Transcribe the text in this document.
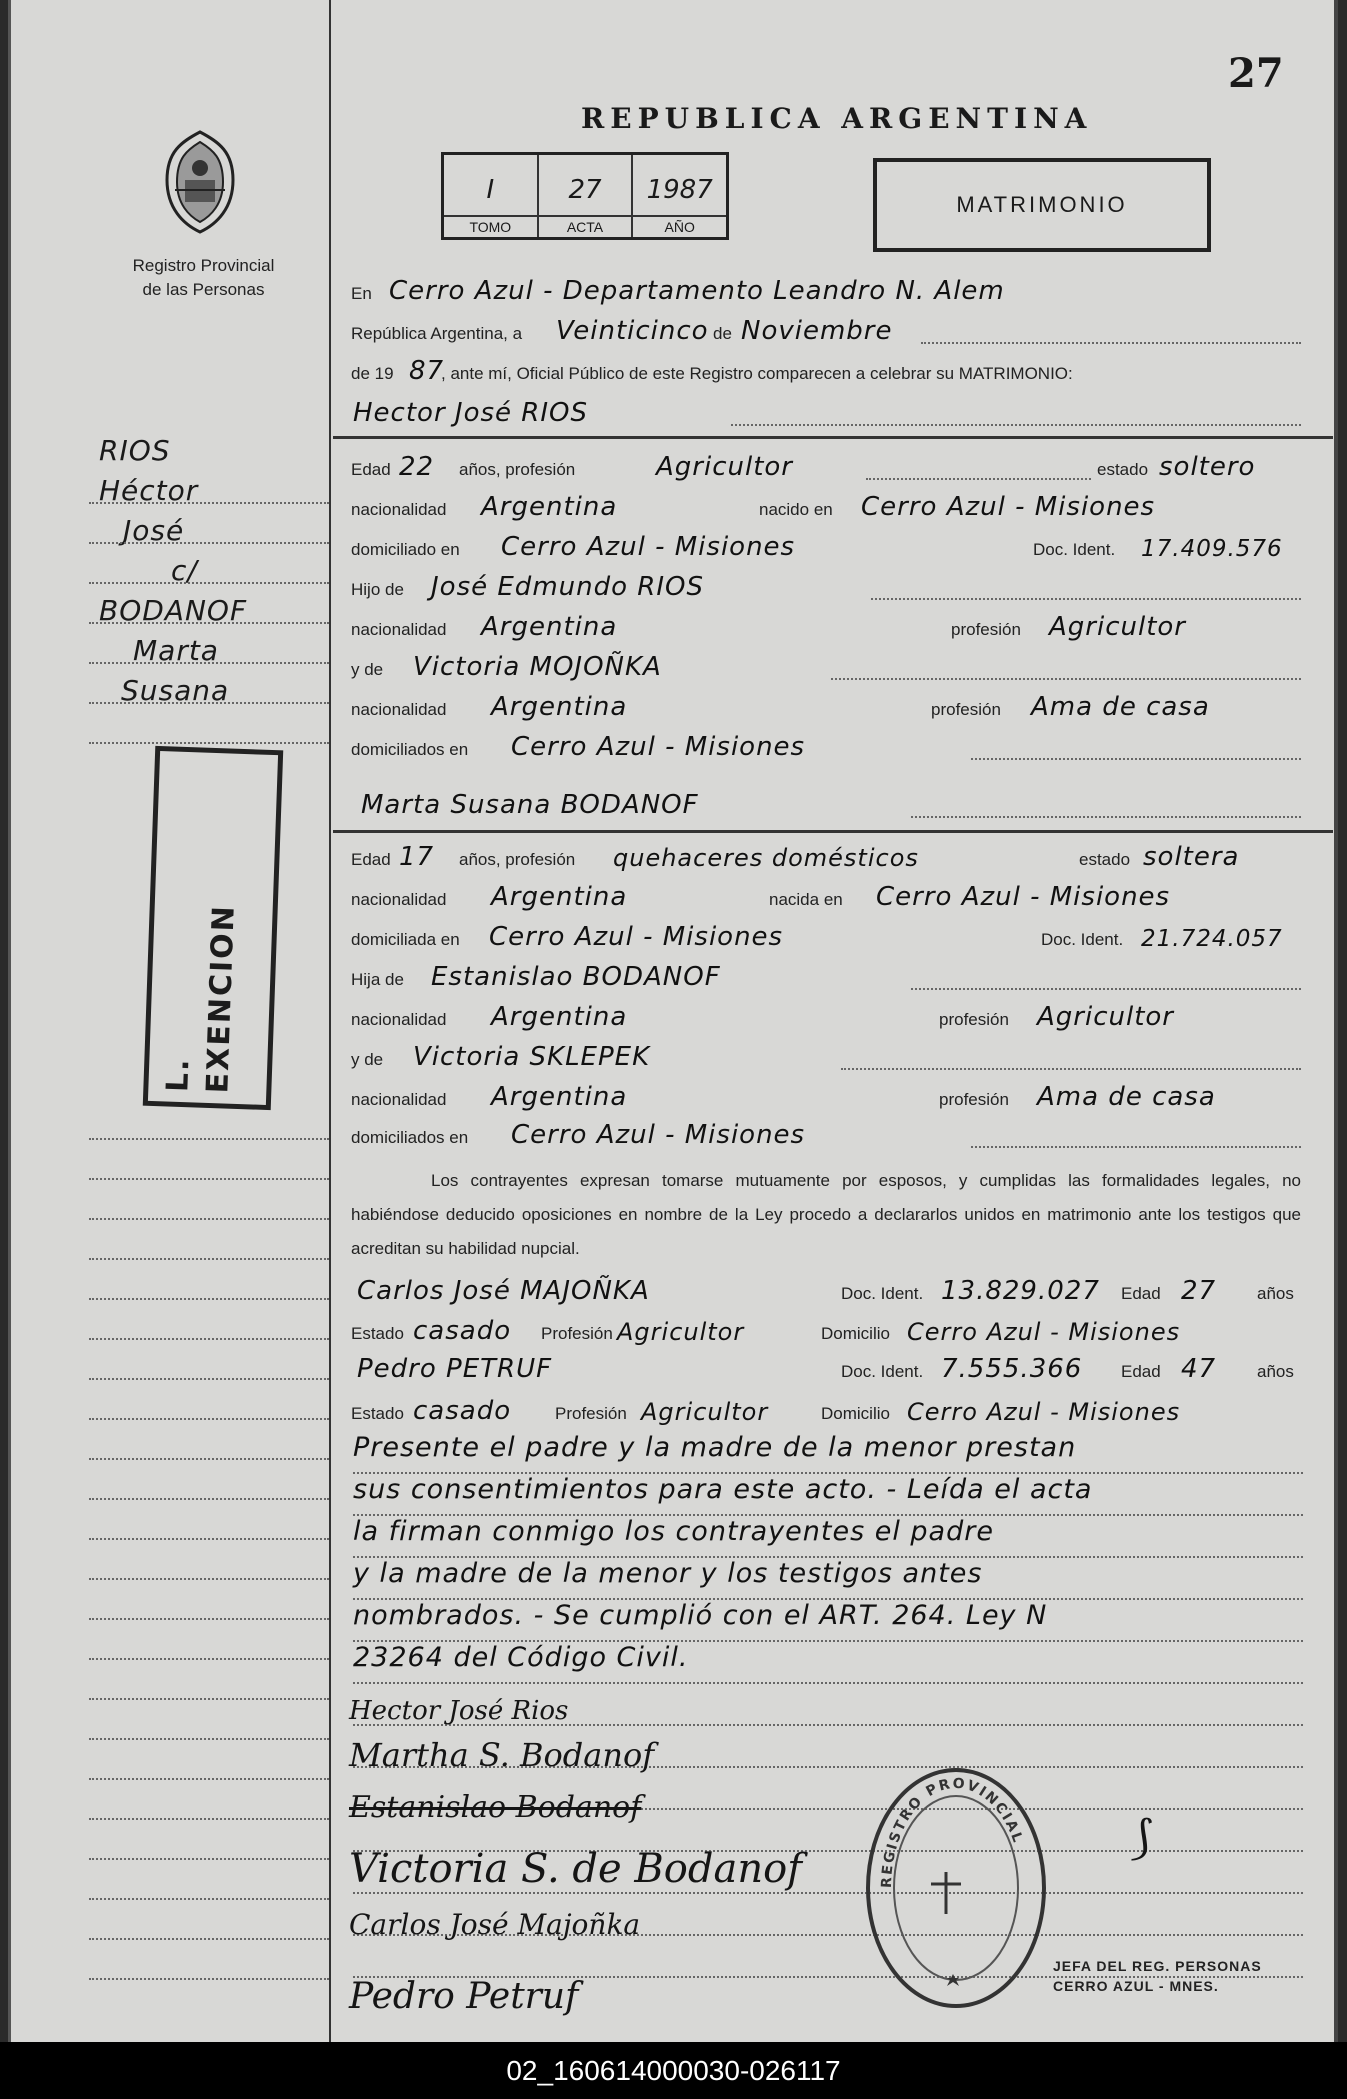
Registro Provincial
de las Personas
RIOS
Héctor
José
c/
BODANOF
Marta
Susana
L. EXENCION
27
REPUBLICA ARGENTINA
I
TOMO
27
ACTA
1987
AÑO
MATRIMONIO
En Cerro Azul - Departamento Leandro N. Alem
República Argentina, a Veinticinco de Noviembre
de 19 87
, ante mí, Oficial Público de este Registro comparecen a celebrar su MATRIMONIO:
Hector José RIOS
Edad 22 años, profesión	Agricultor	estado soltero
nacionalidad Argentina	nacido en Cerro Azul - Misiones
domiciliado en Cerro Azul - Misiones	Doc. Ident. 17.409.576
Hijo de José Edmundo RIOS
nacionalidad Argentina	profesión Agricultor
y de Victoria MOJOÑKA
nacionalidad Argentina	profesión Ama de casa
domiciliados en Cerro Azul - Misiones
Marta Susana BODANOF
Edad 17 años, profesión quehaceres domésticos	estado soltera
nacionalidad Argentina	nacida en Cerro Azul - Misiones
domiciliada en Cerro Azul - Misiones	Doc. Ident. 21.724.057
Hija de Estanislao BODANOF
nacionalidad Argentina	profesión Agricultor
y de Victoria SKLEPEK
nacionalidad Argentina	profesión Ama de casa
domiciliados en Cerro Azul - Misiones
Los contrayentes expresan tomarse mutuamente por esposos, y cumplidas las formalidades legales, no habiéndose deducido oposiciones en nombre de la Ley procedo a declararlos unidos en matrimonio ante los testigos que acreditan su habilidad nupcial.
Carlos José MAJOÑKA	Doc. Ident. 13.829.027 Edad 27 años
Estado casado Profesión Agricultor	Domicilio Cerro Azul - Misiones
Pedro PETRUF	Doc. Ident. 7.555.366 Edad 47 años
Estado casado	Profesión Agricultor	Domicilio Cerro Azul - Misiones
Presente el padre y la madre de la menor prestan
sus consentimientos para este acto. - Leída el acta
la firman conmigo los contrayentes el padre
y la madre de la menor y los testigos antes
nombrados. - Se cumplió con el ART. 264. Ley N
23264 del Código Civil.
Hector José Rios
Martha S. Bodanof
Estanislao Bodanof
Victoria S. de Bodanof
Carlos José Majoñka
Pedro Petruf
REGISTRO PROVINCIAL ⟆
JEFA DEL REG. PERSONAS
CERRO AZUL - MNES.
02_160614000030-026117
